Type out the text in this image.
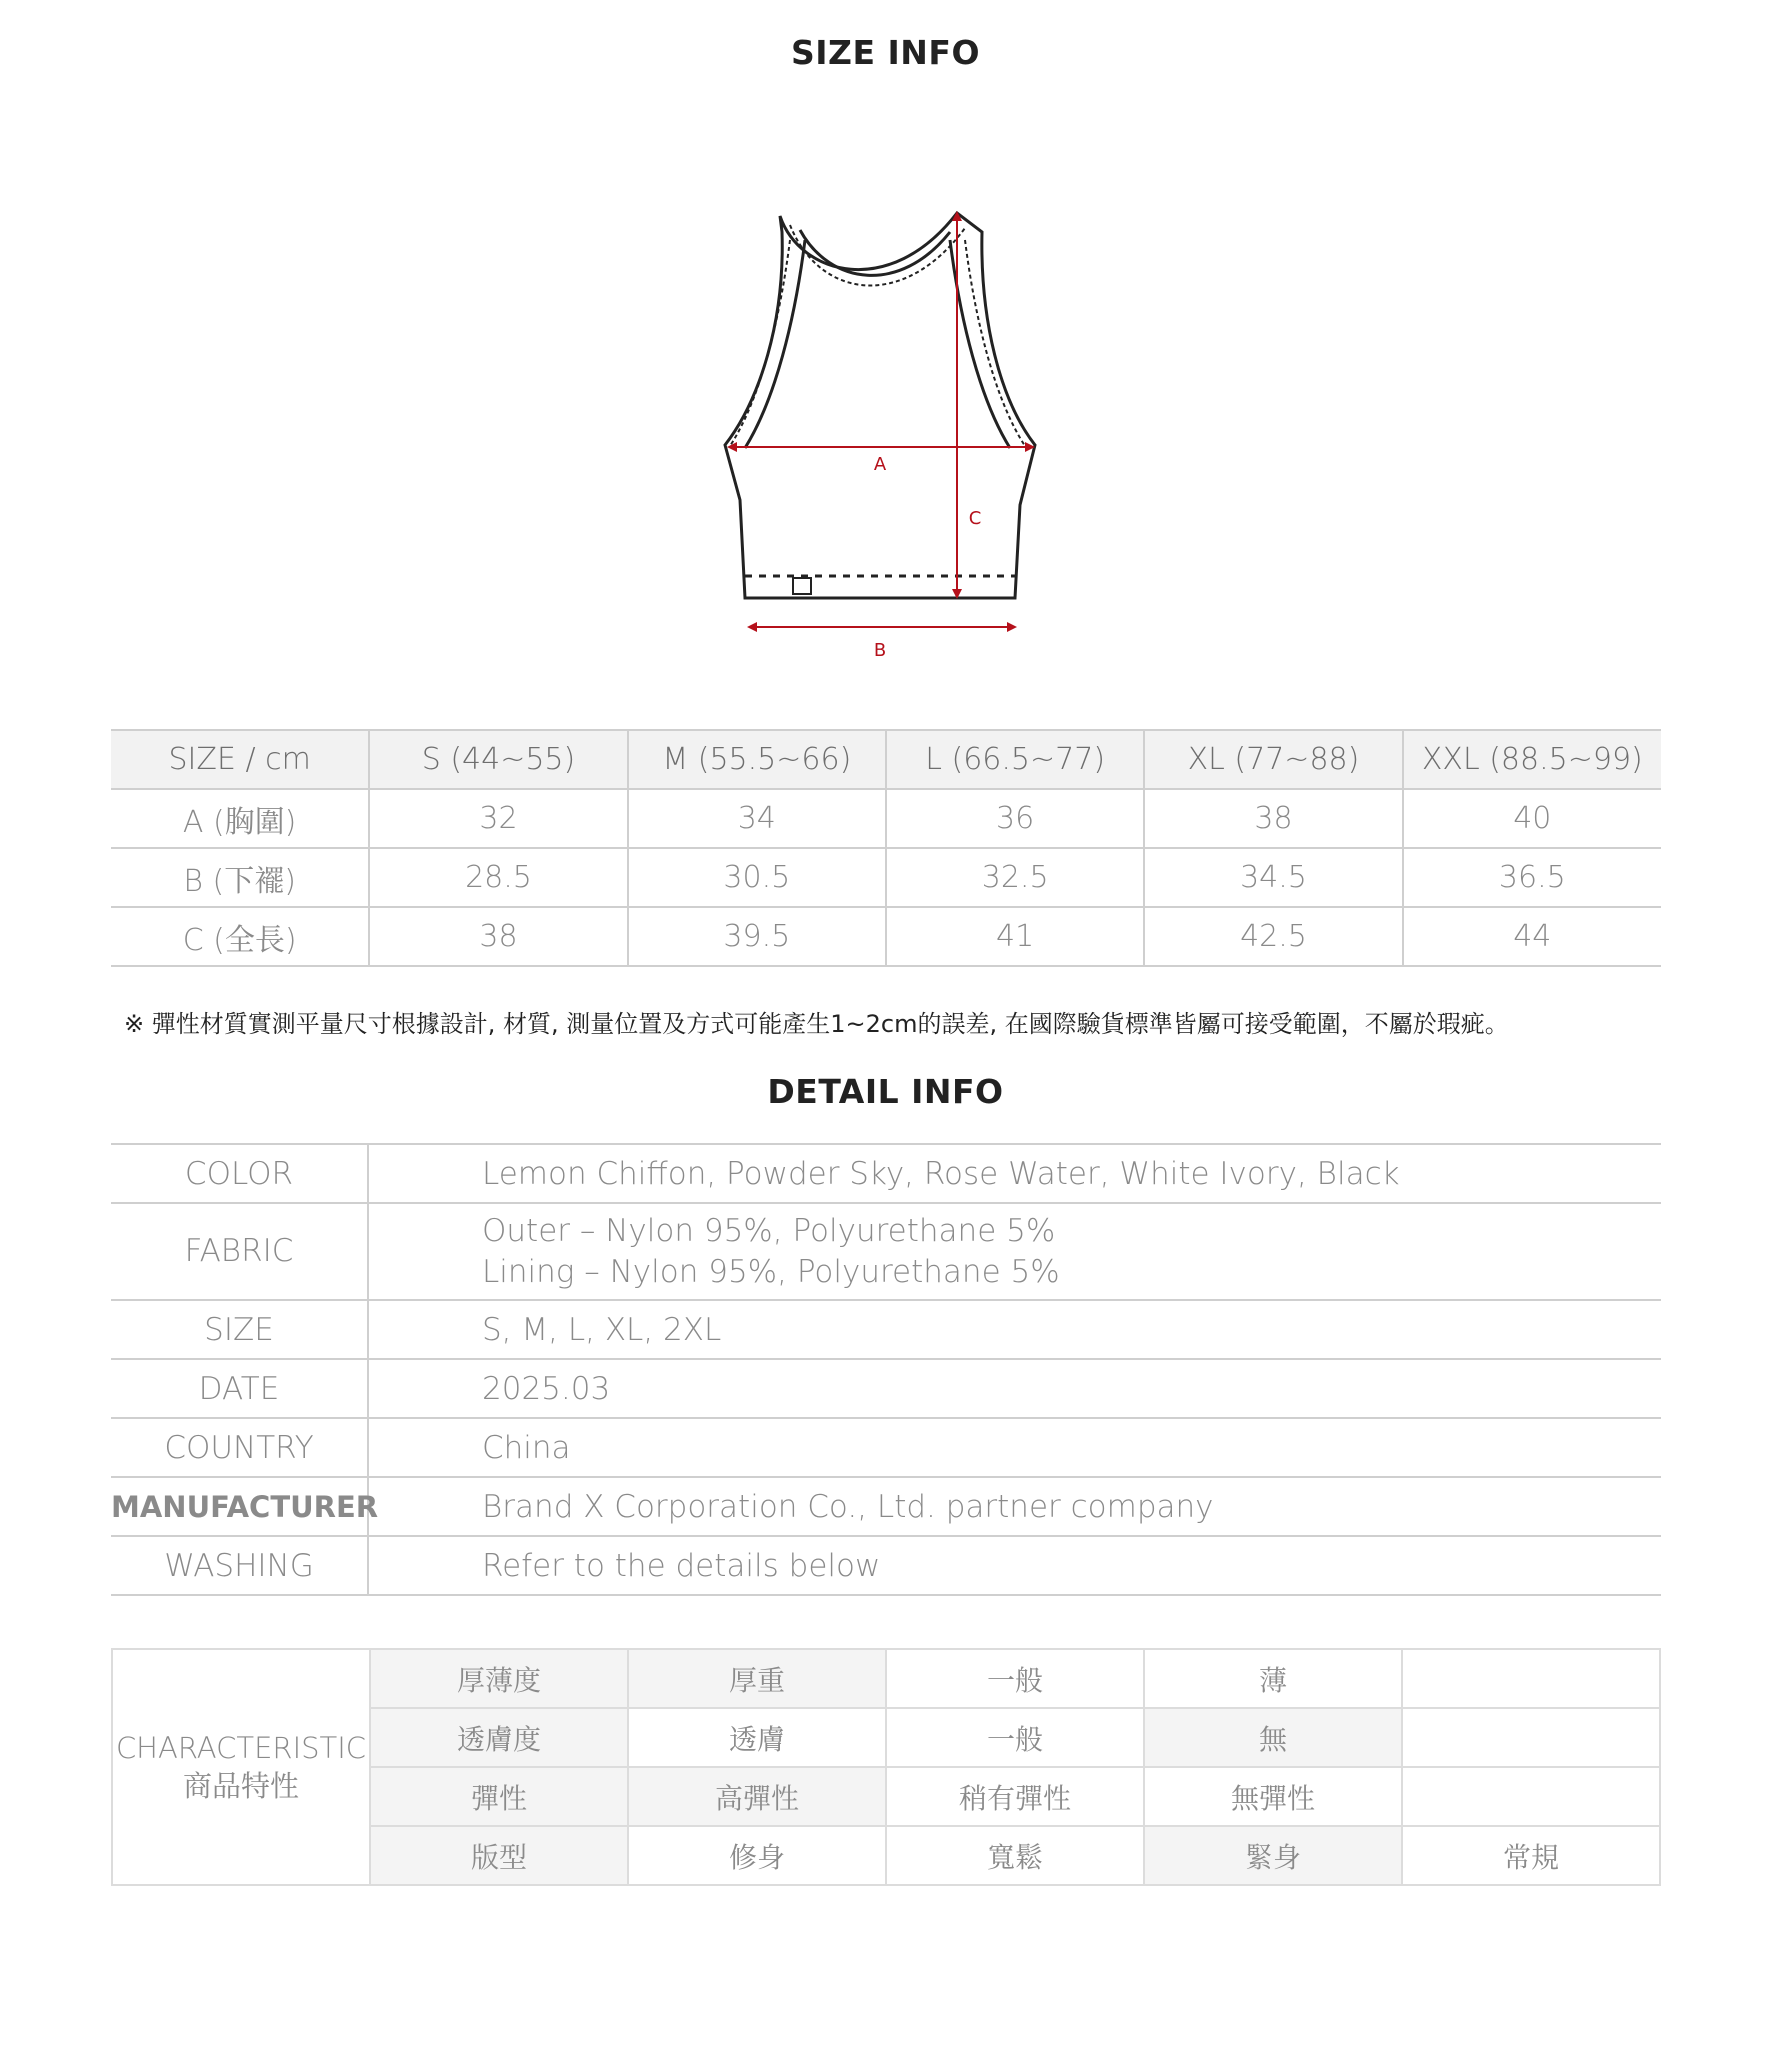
SIZE INFO
A
C
B
SIZE / cm	S (44~55)	M (55.5~66)	L (66.5~77)	XL (77~88)	XXL (88.5~99)
A (胸圍)	32	34	36	38	40
B (下襬)	28.5	30.5	32.5	34.5	36.5
C (全長)	38	39.5	41	42.5	44
※ 彈性材質實測平量尺寸根據設計, 材質, 測量位置及方式可能產生1~2cm的誤差, 在國際驗貨標準皆屬可接受範圍，不屬於瑕疵。
DETAIL INFO
COLOR	Lemon Chiffon, Powder Sky, Rose Water, White Ivory, Black
FABRIC	Outer – Nylon 95%, Polyurethane 5%
Lining – Nylon 95%, Polyurethane 5%

SIZE	S, M, L, XL, 2XL
DATE	2025.03
COUNTRY	China
MANUFACTURER	Brand X Corporation Co., Ltd. partner company
WASHING	Refer to the details below
CHARACTERISTIC
商品特性	厚薄度	厚重	一般	薄	
	透膚度	透膚	一般	無	
	彈性	高彈性	稍有彈性	無彈性	
	版型	修身	寬鬆	緊身	常規
